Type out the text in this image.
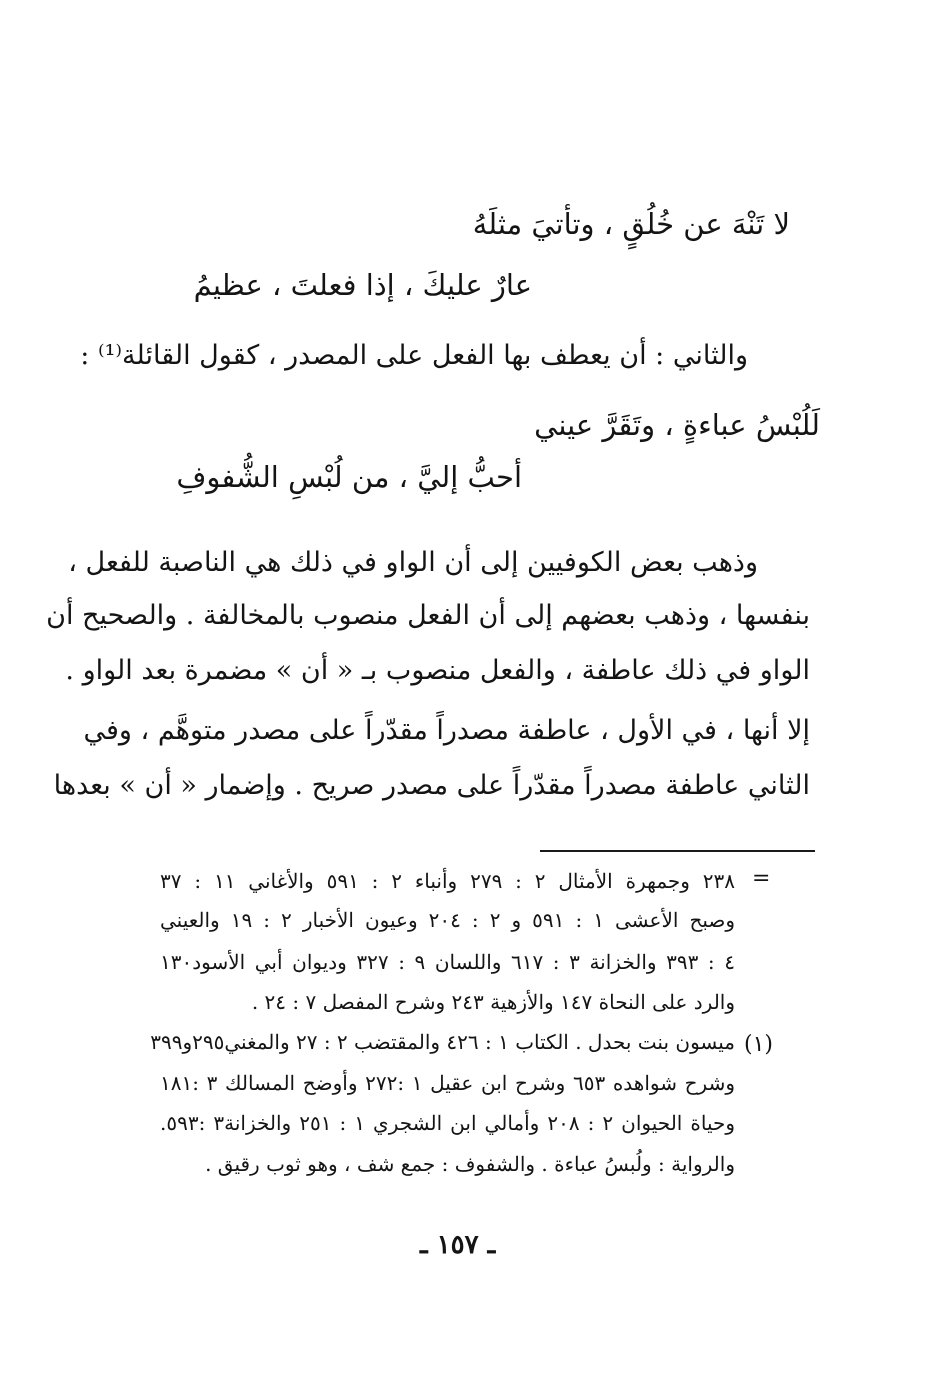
لا تَنْهَ عن خُلُقٍ ، وتأتيَ مثلَهُ
عارٌ عليكَ ، إذا فعلتَ ، عظيمُ
والثاني : أن يعطف بها الفعل على المصدر ، كقول القائلة⁽¹⁾ :
لَلُبْسُ عباءةٍ ، وتَقَرَّ عيني
أحبُّ إليَّ ، من لُبْسِ الشُّفوفِ
وذهب بعض الكوفيين إلى أن الواو في ذلك هي الناصبة للفعل ،
بنفسها ، وذهب بعضهم إلى أن الفعل منصوب بالمخالفة . والصحيح أن
الواو في ذلك عاطفة ، والفعل منصوب بـ « أن » مضمرة بعد الواو .
إلا أنها ، في الأول ، عاطفة مصدراً مقدّراً على مصدر متوهَّم ، وفي
الثاني عاطفة مصدراً مقدّراً على مصدر صريح . وإضمار « أن » بعدها
=
٢٣٨ وجمهرة الأمثال ٢ : ٢٧٩ وأنباء ٢ : ٥٩١ والأغاني ١١ : ٣٧
وصبح الأعشى ١ : ٥٩١ و ٢ : ٢٠٤ وعيون الأخبار ٢ : ١٩ والعيني
٤ : ٣٩٣ والخزانة ٣ : ٦١٧ واللسان ٩ : ٣٢٧ وديوان أبي الأسود١٣٠
والرد على النحاة ١٤٧ والأزهية ٢٤٣ وشرح المفصل ٧ : ٢٤ .
(١)
ميسون بنت بحدل . الكتاب ١ : ٤٢٦ والمقتضب ٢ : ٢٧ والمغني٢٩٥و٣٩٩
وشرح شواهده ٦٥٣ وشرح ابن عقيل ١ :٢٧٢ وأوضح المسالك ٣ :١٨١
وحياة الحيوان ٢ : ٢٠٨ وأمالي ابن الشجري ١ : ٢٥١ والخزانة٣ :٥٩٣.
والرواية : ولُبسُ عباءة . والشفوف : جمع شف ، وهو ثوب رقيق .
ـ ١٥٧ ـ
